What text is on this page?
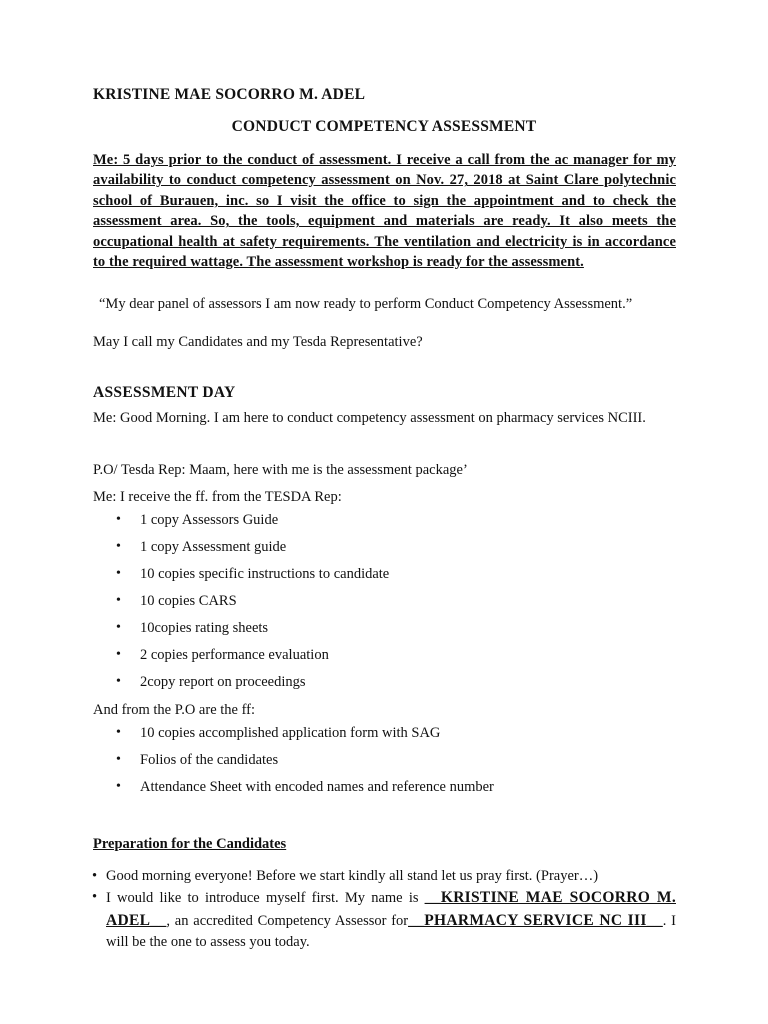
KRISTINE MAE SOCORRO M. ADEL
CONDUCT COMPETENCY ASSESSMENT
Me: 5 days prior to the conduct of assessment. I receive a call from the ac manager for my availability to conduct competency assessment on Nov. 27, 2018 at Saint Clare polytechnic school of Burauen, inc. so I visit the office to sign the appointment and to check the assessment area. So, the tools, equipment and materials are ready. It also meets the occupational health at safety requirements. The ventilation and electricity is in accordance to the required wattage. The assessment workshop is ready for the assessment.
“My dear panel of assessors I am now ready to perform Conduct Competency Assessment.”
May I call my Candidates and my Tesda Representative?
ASSESSMENT DAY
Me: Good Morning. I am here to conduct competency assessment on pharmacy services NCIII.
P.O/ Tesda Rep: Maam, here with me is the assessment package’
Me: I receive the ff. from the TESDA Rep:
• 1 copy Assessors Guide
• 1 copy Assessment guide
• 10 copies specific instructions to candidate
• 10 copies CARS
• 10copies rating sheets
• 2 copies performance evaluation
• 2copy report on proceedings
And from the P.O are the ff:
• 10 copies accomplished application form with SAG
• Folios of the candidates
• Attendance Sheet with encoded names and reference number
Preparation for the Candidates
• Good morning everyone! Before we start kindly all stand let us pray first. (Prayer…)
• I would like to introduce myself first. My name is __KRISTINE MAE SOCORRO M. ADEL__, an accredited Competency Assessor for__PHARMACY SERVICE NC III__. I will be the one to assess you today.
